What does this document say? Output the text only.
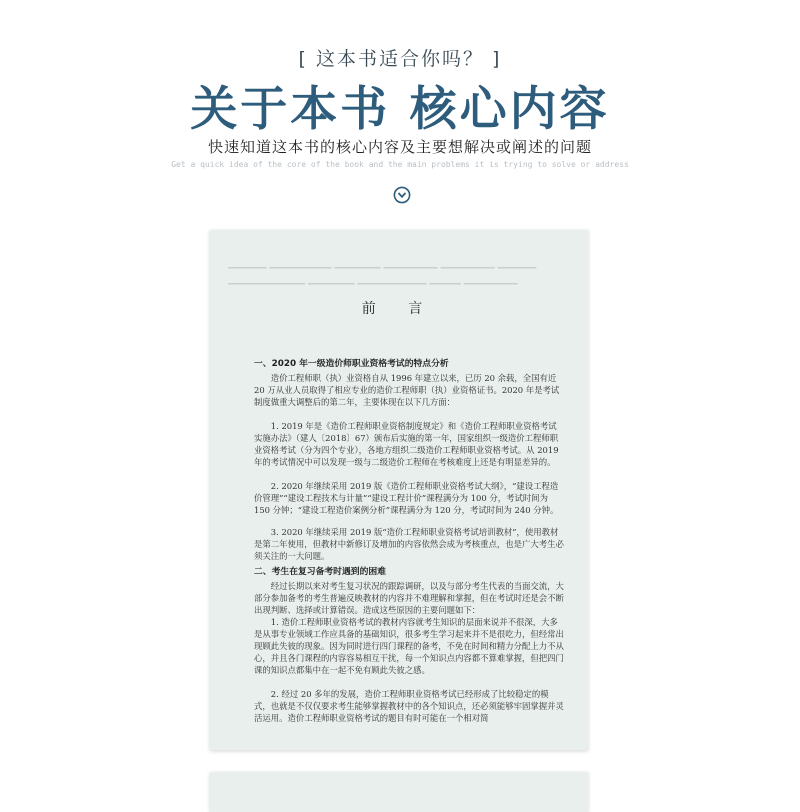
[ 这本书适合你吗？ ]
关于本书 核心内容
快速知道这本书的核心内容及主要想解决或阐述的问题
Get a quick idea of the core of the book and the main problems it is trying to solve or address
▁▁▁▁▁ ▁▁▁▁▁▁▁▁ ▁▁▁▁▁▁ ▁▁▁▁▁▁▁ ▁▁▁▁▁▁▁ ▁▁▁▁▁
▁▁▁▁▁▁▁▁▁▁ ▁▁▁▁▁▁ ▁▁▁▁▁▁▁▁▁ ▁▁▁▁ ▁▁▁▁▁▁▁
前 言
一、2020 年一级造价师职业资格考试的特点分析
造价工程师职（执）业资格自从 1996 年建立以来，已历 20 余载，全国有近 20 万从业人员取得了相应专业的造价工程师职（执）业资格证书。2020 年是考试制度做重大调整后的第二年，主要体现在以下几方面：
1. 2019 年是《造价工程师职业资格制度规定》和《造价工程师职业资格考试实施办法》（建人〔2018〕67）颁布后实施的第一年，国家组织一级造价工程师职业资格考试（分为四个专业），各地方组织二级造价工程师职业资格考试。从 2019 年的考试情况中可以发现一级与二级造价工程师在考核难度上还是有明显差异的。
2. 2020 年继续采用 2019 版《造价工程师职业资格考试大纲》，“建设工程造价管理”“建设工程技术与计量”“建设工程计价”课程满分为 100 分，考试时间为 150 分钟；“建设工程造价案例分析”课程满分为 120 分，考试时间为 240 分钟。
3. 2020 年继续采用 2019 版“造价工程师职业资格考试培训教材”，使用教材是第二年使用，但教材中新修订及增加的内容依然会成为考核重点，也是广大考生必须关注的一大问题。
二、考生在复习备考时遇到的困难
经过长期以来对考生复习状况的跟踪调研，以及与部分考生代表的当面交流，大部分参加备考的考生普遍反映教材的内容并不难理解和掌握，但在考试时还是会不断出现判断、选择或计算错误。造成这些原因的主要问题如下：
1. 造价工程师职业资格考试的教材内容就考生知识的层面来说并不很深，大多是从事专业领域工作应具备的基础知识，很多考生学习起来并不是很吃力，但经常出现顾此失彼的现象。因为同时进行四门课程的备考，不免在时间和精力分配上力不从心，并且各门课程的内容容易相互干扰，每一个知识点内容都不算难掌握，但把四门课的知识点都集中在一起不免有顾此失彼之感。
2. 经过 20 多年的发展，造价工程师职业资格考试已经形成了比较稳定的模式，也就是不仅仅要求考生能够掌握教材中的各个知识点，还必须能够牢固掌握并灵活运用。造价工程师职业资格考试的题目有时可能在一个相对简
